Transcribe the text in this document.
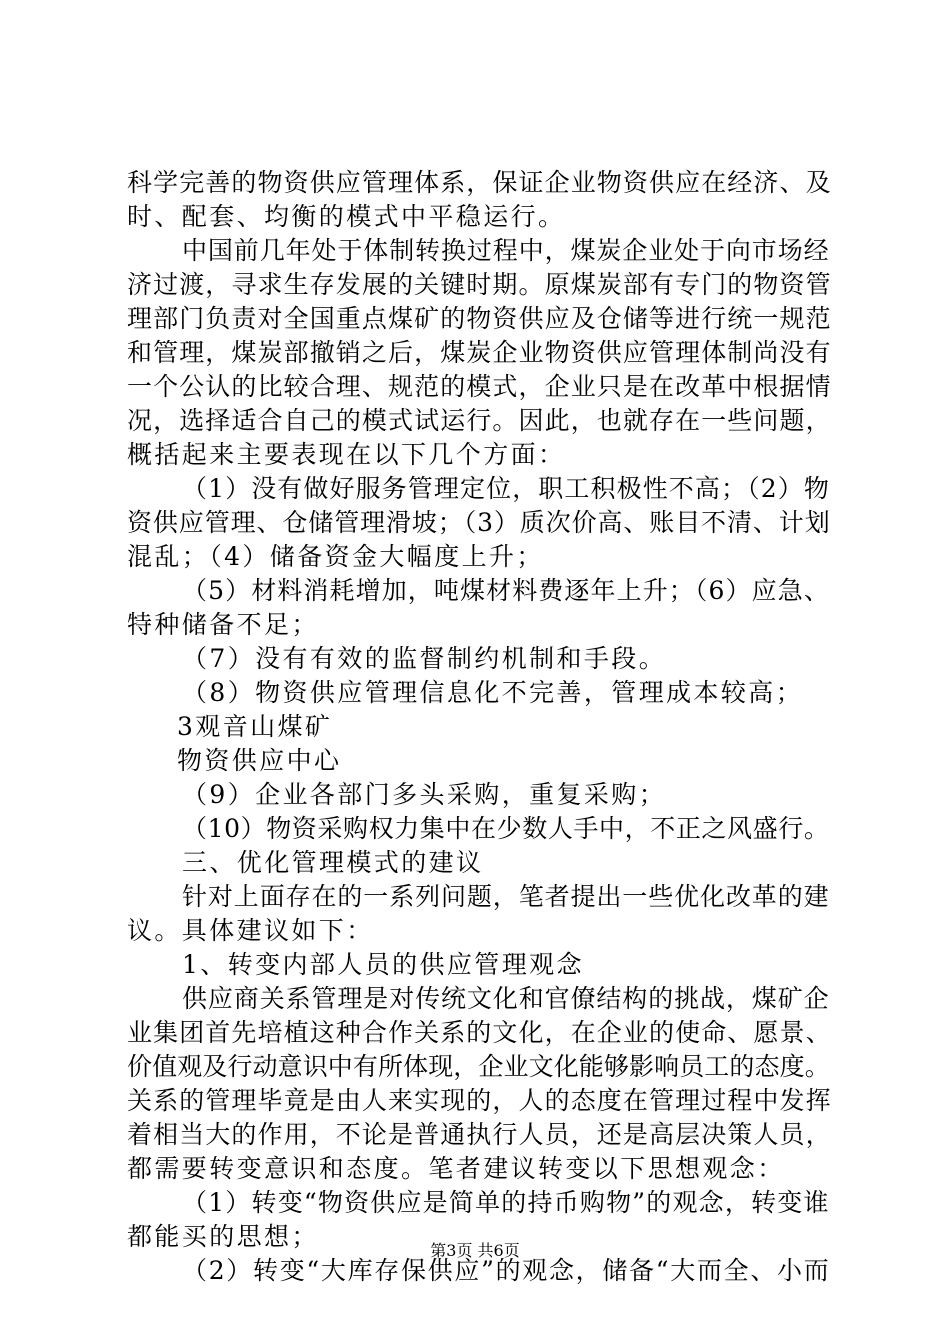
科学完善的物资供应管理体系，保证企业物资供应在经济、及
时、配套、均衡的模式中平稳运行。
中国前几年处于体制转换过程中，煤炭企业处于向市场经
济过渡，寻求生存发展的关键时期。原煤炭部有专门的物资管
理部门负责对全国重点煤矿的物资供应及仓储等进行统一规范
和管理，煤炭部撤销之后，煤炭企业物资供应管理体制尚没有
一个公认的比较合理、规范的模式，企业只是在改革中根据情
况，选择适合自己的模式试运行。因此，也就存在一些问题，
概括起来主要表现在以下几个方面：
（1）没有做好服务管理定位，职工积极性不高；（2）物
资供应管理、仓储管理滑坡；（3）质次价高、账目不清、计划
混乱；（4）储备资金大幅度上升；
（5）材料消耗增加，吨煤材料费逐年上升；（6）应急、
特种储备不足；
（7）没有有效的监督制约机制和手段。
（8）物资供应管理信息化不完善，管理成本较高；
3观音山煤矿
物资供应中心
（9）企业各部门多头采购，重复采购；
（10）物资采购权力集中在少数人手中，不正之风盛行。
三、优化管理模式的建议
针对上面存在的一系列问题，笔者提出一些优化改革的建
议。具体建议如下：
1、转变内部人员的供应管理观念
供应商关系管理是对传统文化和官僚结构的挑战，煤矿企
业集团首先培植这种合作关系的文化，在企业的使命、愿景、
价值观及行动意识中有所体现，企业文化能够影响员工的态度。
关系的管理毕竟是由人来实现的，人的态度在管理过程中发挥
着相当大的作用，不论是普通执行人员，还是高层决策人员，
都需要转变意识和态度。笔者建议转变以下思想观念：
（1）转变“物资供应是简单的持币购物”的观念，转变谁
都能买的思想；
（2）转变“大库存保供应”的观念，储备“大而全、小而
第3页 共6页
